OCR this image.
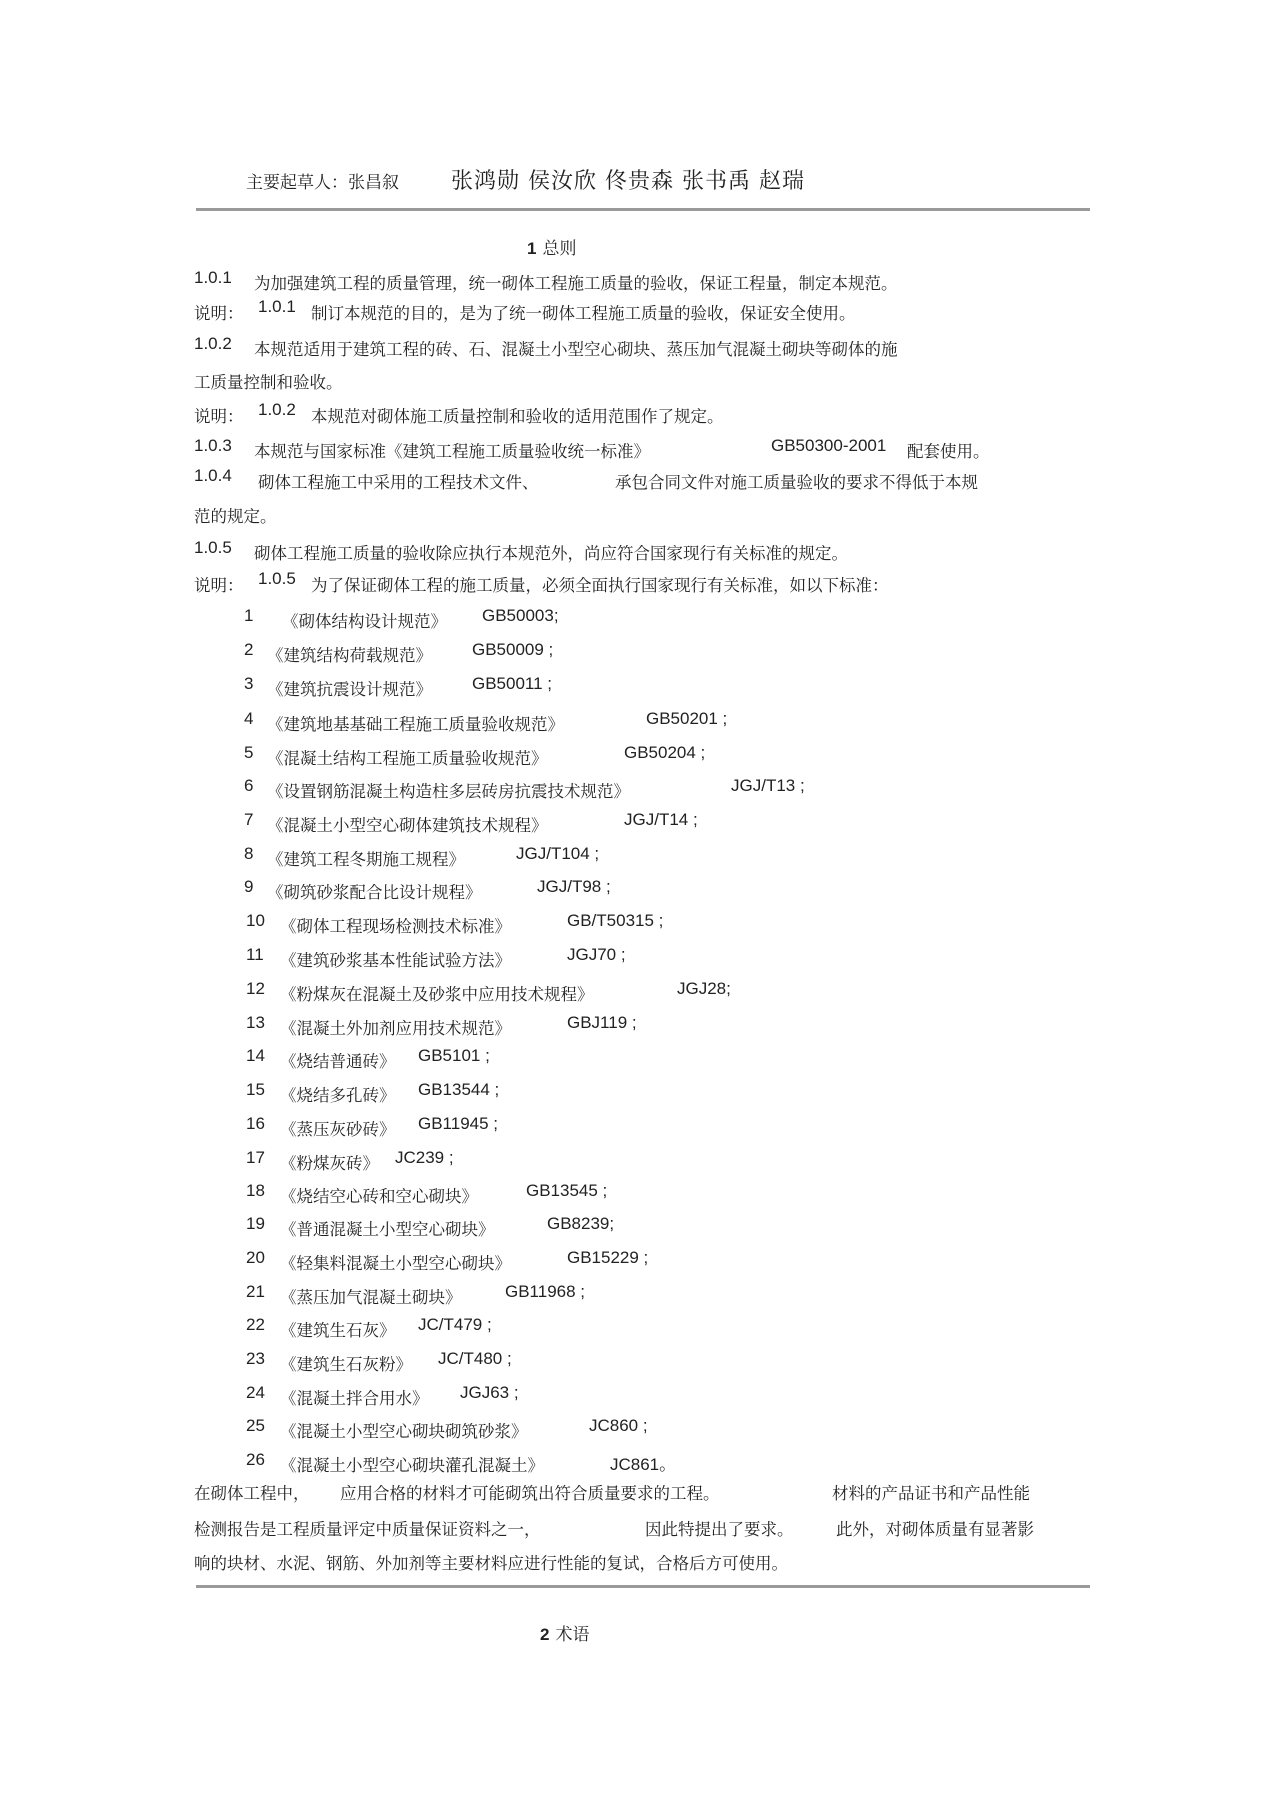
主要起草人：张昌叙 张鸿勋 侯汝欣 佟贵森 张书禹 赵瑞
1 总则
1.0.1 为加强建筑工程的质量管理，统一砌体工程施工质量的验收，保证工程量，制定本规范。
说明： 1.0.1 制订本规范的目的，是为了统一砌体工程施工质量的验收，保证安全使用。
1.0.2 本规范适用于建筑工程的砖、石、混凝土小型空心砌块、蒸压加气混凝土砌块等砌体的施
工质量控制和验收。
说明： 1.0.2 本规范对砌体施工质量控制和验收的适用范围作了规定。
1.0.3 本规范与国家标准《建筑工程施工质量验收统一标准》	GB50300-2001 配套使用。
1.0.4 砌体工程施工中采用的工程技术文件、	承包合同文件对施工质量验收的要求不得低于本规
范的规定。
1.0.5 砌体工程施工质量的验收除应执行本规范外，尚应符合国家现行有关标准的规定。
说明： 1.0.5 为了保证砌体工程的施工质量，必须全面执行国家现行有关标准，如以下标准：
1 《砌体结构设计规范》 GB50003;
2 《建筑结构荷载规范》 GB50009 ;
3 《建筑抗震设计规范》 GB50011 ;
4 《建筑地基基础工程施工质量验收规范》	GB50201 ;
5 《混凝土结构工程施工质量验收规范》	GB50204 ;
6 《设置钢筋混凝土构造柱多层砖房抗震技术规范》	JGJ/T13 ;
7 《混凝土小型空心砌体建筑技术规程》	JGJ/T14 ;
8 《建筑工程冬期施工规程》	JGJ/T104 ;
9 《砌筑砂浆配合比设计规程》	JGJ/T98 ;
10 《砌体工程现场检测技术标准》	GB/T50315 ;
11 《建筑砂浆基本性能试验方法》	JGJ70 ;
12 《粉煤灰在混凝土及砂浆中应用技术规程》	JGJ28;
13 《混凝土外加剂应用技术规范》	GBJ119 ;
14 《烧结普通砖》 GB5101 ;
15 《烧结多孔砖》 GB13544 ;
16 《蒸压灰砂砖》 GB11945 ;
17 《粉煤灰砖》 JC239 ;
18 《烧结空心砖和空心砌块》	GB13545 ;
19 《普通混凝土小型空心砌块》	GB8239;
20 《轻集料混凝土小型空心砌块》	GB15229 ;
21 《蒸压加气混凝土砌块》	GB11968 ;
22 《建筑生石灰》 JC/T479 ;
23 《建筑生石灰粉》 JC/T480 ;
24 《混凝土拌合用水》 JGJ63 ;
25 《混凝土小型空心砌块砌筑砂浆》	JC860 ;
26 《混凝土小型空心砌块灌孔混凝土》	JC861。
在砌体工程中， 应用合格的材料才可能砌筑出符合质量要求的工程。	材料的产品证书和产品性能
检测报告是工程质量评定中质量保证资料之一，	因此特提出了要求。	此外，对砌体质量有显著影
响的块材、水泥、钢筋、外加剂等主要材料应进行性能的复试，合格后方可使用。
2 术语
